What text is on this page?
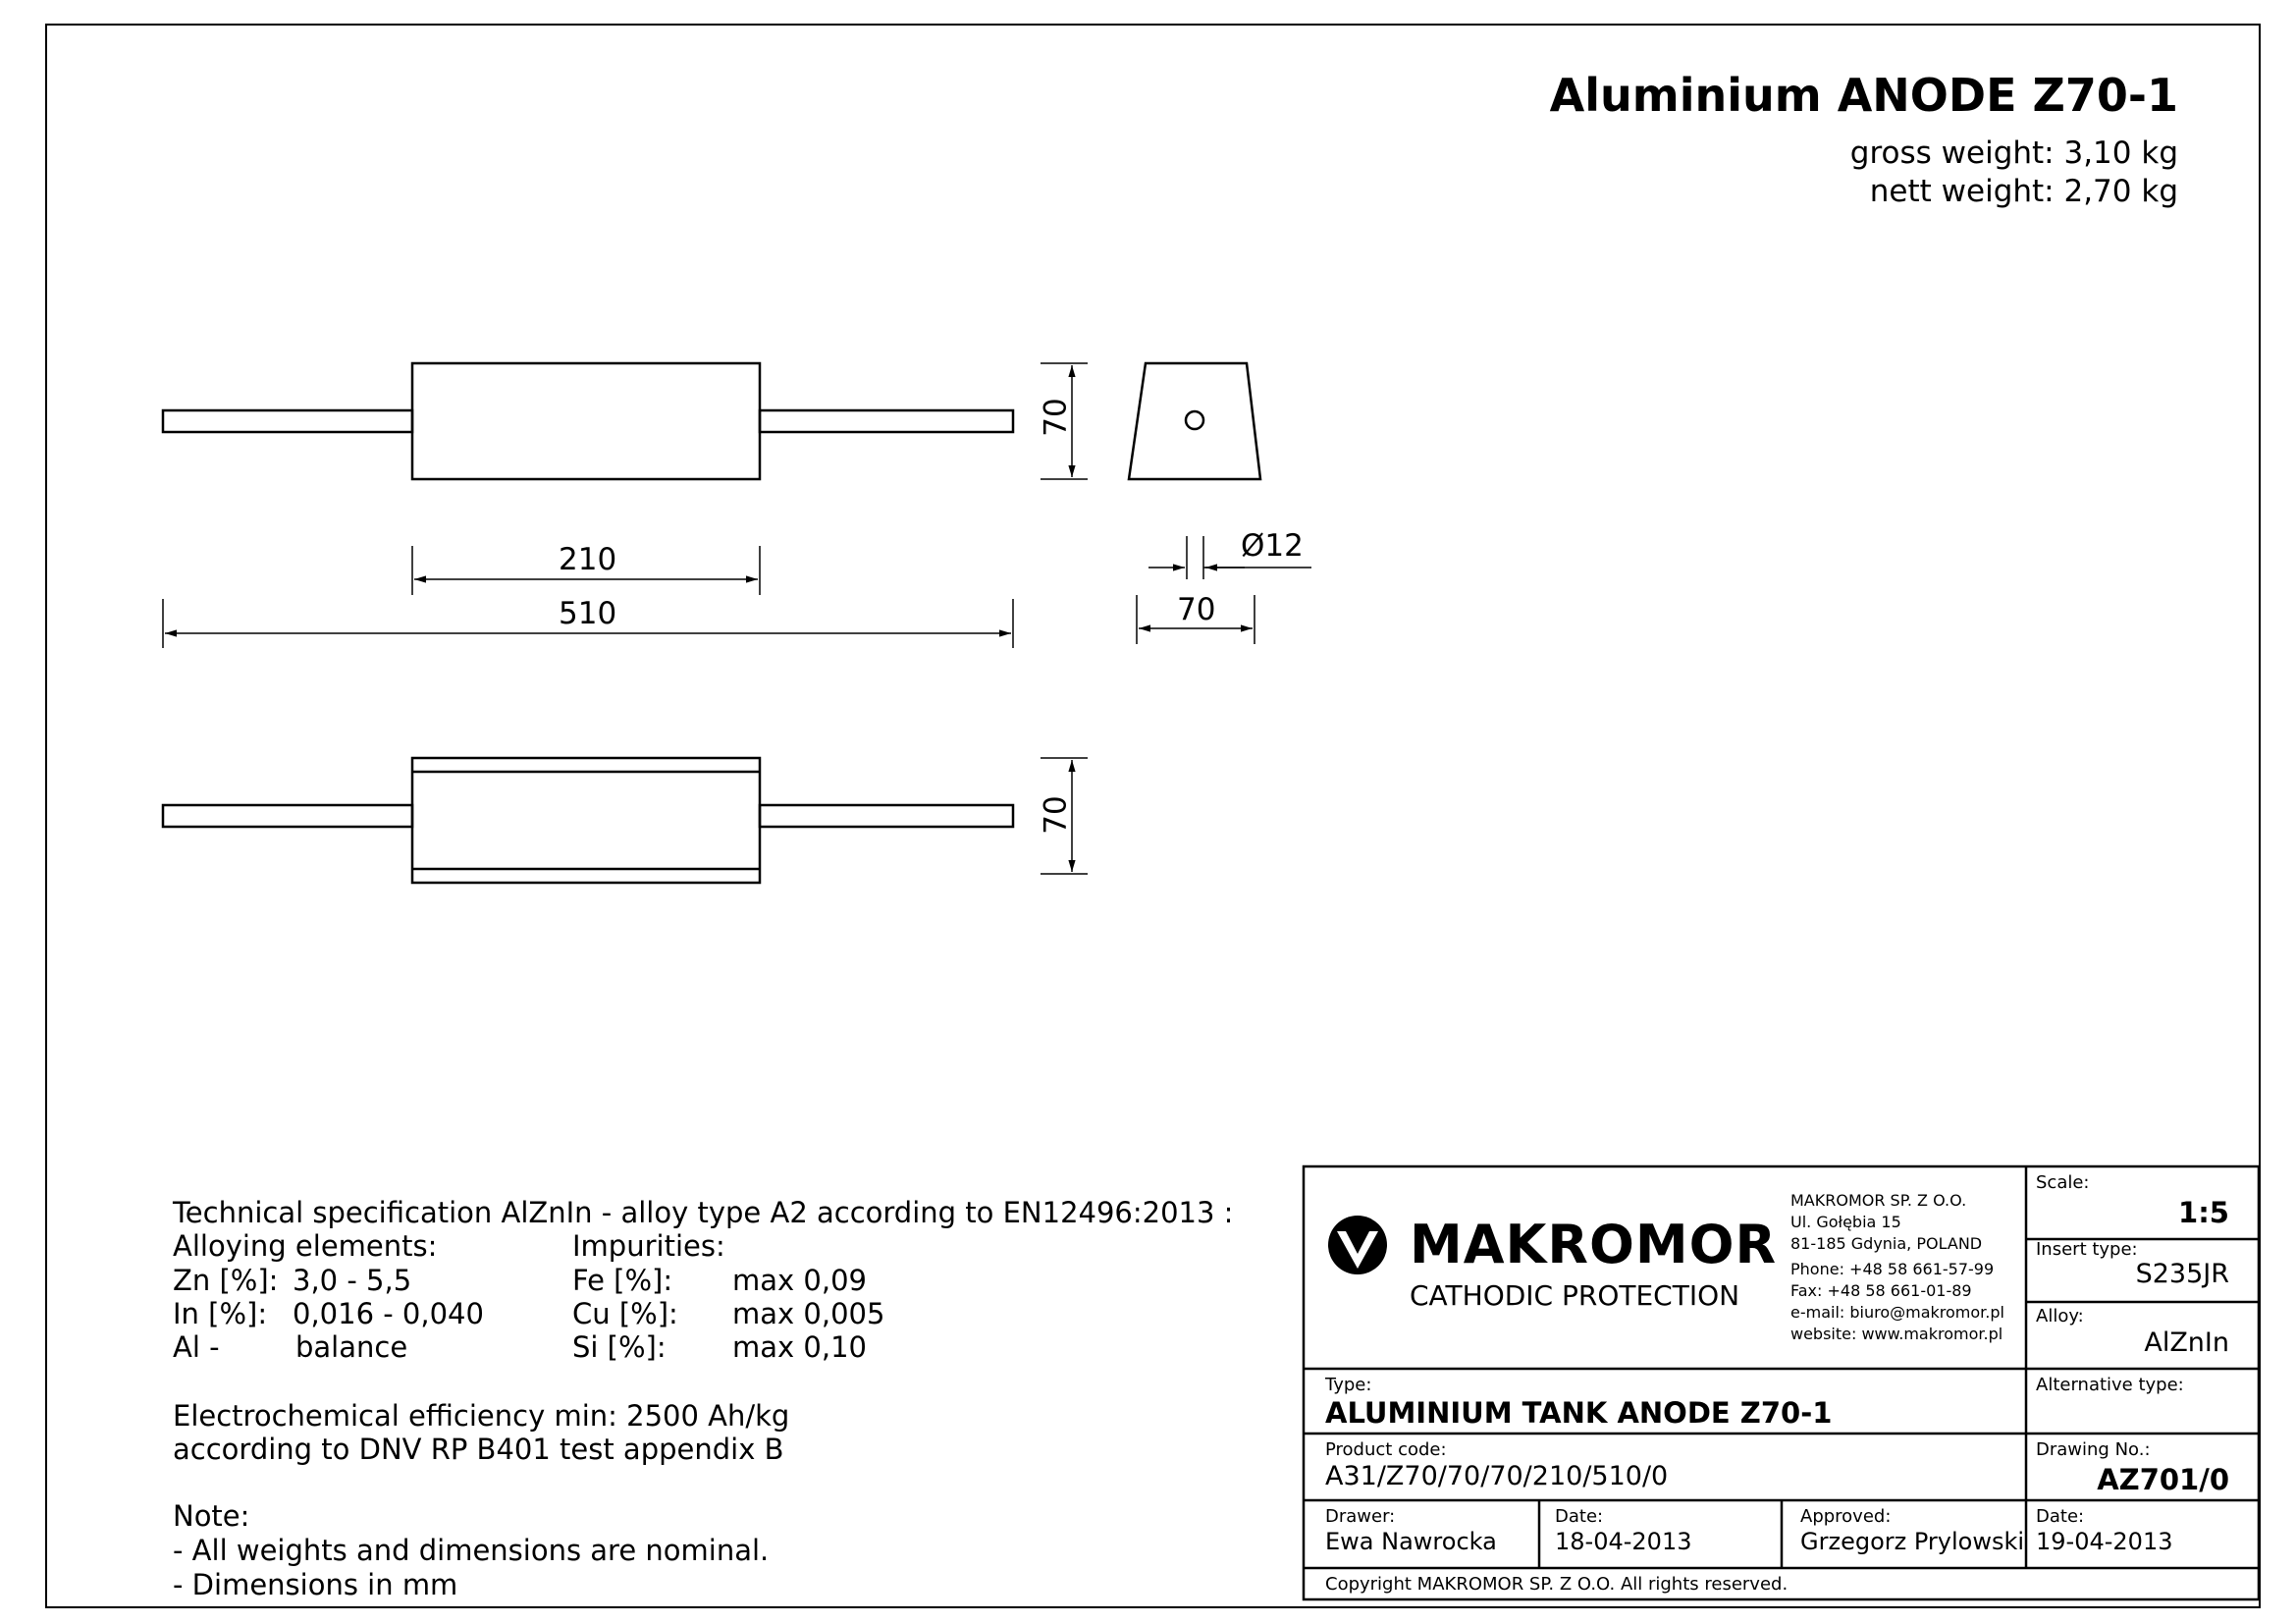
Aluminium ANODE Z70-1
gross weight: 3,10 kg
nett weight: 2,70 kg
70
210
510
Ø12
70
70
Technical specification AlZnIn - alloy type A2 according to EN12496:2013 :
Alloying elements:	Impurities:
Zn [%]: 3,0 - 5,5
In [%]: 0,016 - 0,040
Al -	balance
Fe [%]: max 0,09
Cu [%]: max 0,005
Si [%]: max 0,10
Electrochemical efficiency min: 2500 Ah/kg
according to DNV RP B401 test appendix B
Note:
- All weights and dimensions are nominal.
- Dimensions in mm
MAKROMOR
CATHODIC PROTECTION
MAKROMOR SP. Z O.O.
Ul. Gołębia 15
81-185 Gdynia, POLAND
Phone: +48 58 661-57-99
Fax: +48 58 661-01-89
e-mail: biuro@makromor.pl
website: www.makromor.pl
Scale:
1:5
Insert type:
S235JR
Alloy:
AlZnIn
Type:
ALUMINIUM TANK ANODE Z70-1
Alternative type:
Product code:
A31/Z70/70/70/210/510/0
Drawing No.:
AZ701/0
Drawer:
Ewa Nawrocka
Date:
18-04-2013
Approved:
Grzegorz Prylowski
Date:
19-04-2013
Copyright MAKROMOR SP. Z O.O. All rights reserved.
